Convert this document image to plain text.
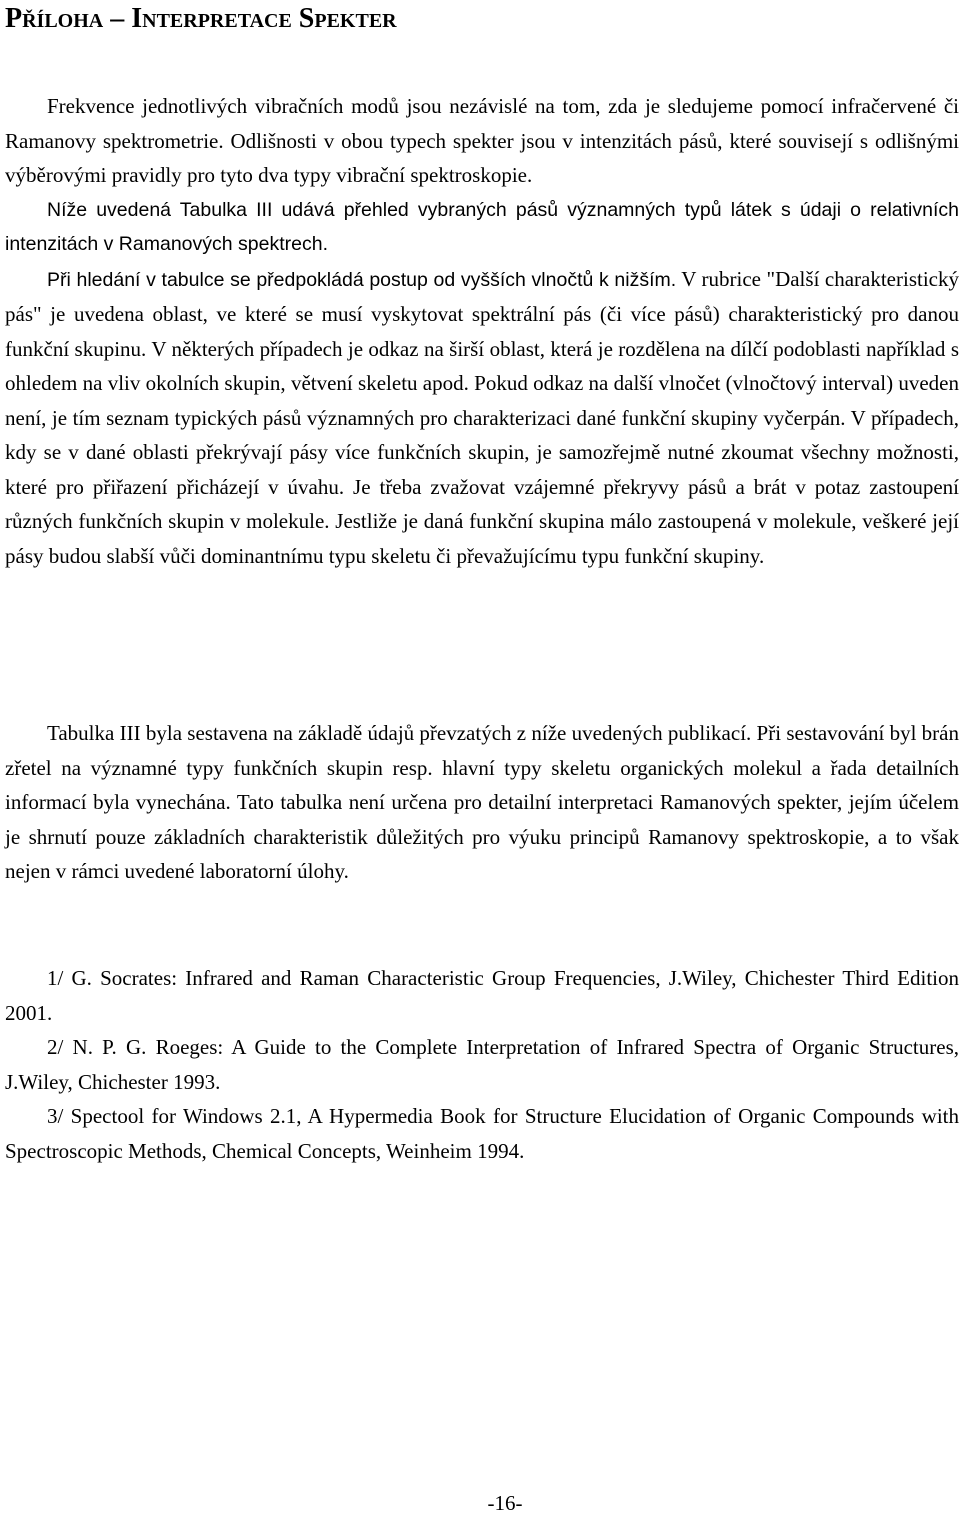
Příloha – Interpretace Spekter

Frekvence jednotlivých vibračních modů jsou nezávislé na tom, zda je sledujeme pomocí infračervené či Ramanovy spektrometrie. Odlišnosti v obou typech spekter jsou v intenzitách pásů, které souvisejí s odlišnými výběrovými pravidly pro tyto dva typy vibrační spektroskopie.

Níže uvedená Tabulka III udává přehled vybraných pásů významných typů látek s údaji o relativních intenzitách v Ramanových spektrech.

Při hledání v tabulce se předpokládá postup od vyšších vlnočtů k nižším. V rubrice "Další charakteristický pás" je uvedena oblast, ve které se musí vyskytovat spektrální pás (či více pásů) charakteristický pro danou funkční skupinu. V některých případech je odkaz na širší oblast, která je rozdělena na dílčí podoblasti například s ohledem na vliv okolních skupin, větvení skeletu apod. Pokud odkaz na další vlnočet (vlnočtový interval) uveden není, je tím seznam typických pásů významných pro charakterizaci dané funkční skupiny vyčerpán. V případech, kdy se v dané oblasti překrývají pásy více funkčních skupin, je samozřejmě nutné zkoumat všechny možnosti, které pro přiřazení přicházejí v úvahu. Je třeba zvažovat vzájemné překryvy pásů a brát v potaz zastoupení různých funkčních skupin v molekule. Jestliže je daná funkční skupina málo zastoupená v molekule, veškeré její pásy budou slabší vůči dominantnímu typu skeletu či převažujícímu typu funkční skupiny.

Tabulka III byla sestavena na základě údajů převzatých z níže uvedených publikací. Při sestavování byl brán zřetel na významné typy funkčních skupin resp. hlavní typy skeletu organických molekul a řada detailních informací byla vynechána. Tato tabulka není určena pro detailní interpretaci Ramanových spekter, jejím účelem je shrnutí pouze základních charakteristik důležitých pro výuku principů Ramanovy spektroskopie, a to však nejen v rámci uvedené laboratorní úlohy.

1/ G. Socrates: Infrared and Raman Characteristic Group Frequencies, J.Wiley, Chichester Third Edition 2001.

2/ N. P. G. Roeges: A Guide to the Complete Interpretation of Infrared Spectra of Organic Structures, J.Wiley, Chichester 1993.

3/ Spectool for Windows 2.1, A Hypermedia Book for Structure Elucidation of Organic Compounds with Spectroscopic Methods, Chemical Concepts, Weinheim 1994.

-16-
